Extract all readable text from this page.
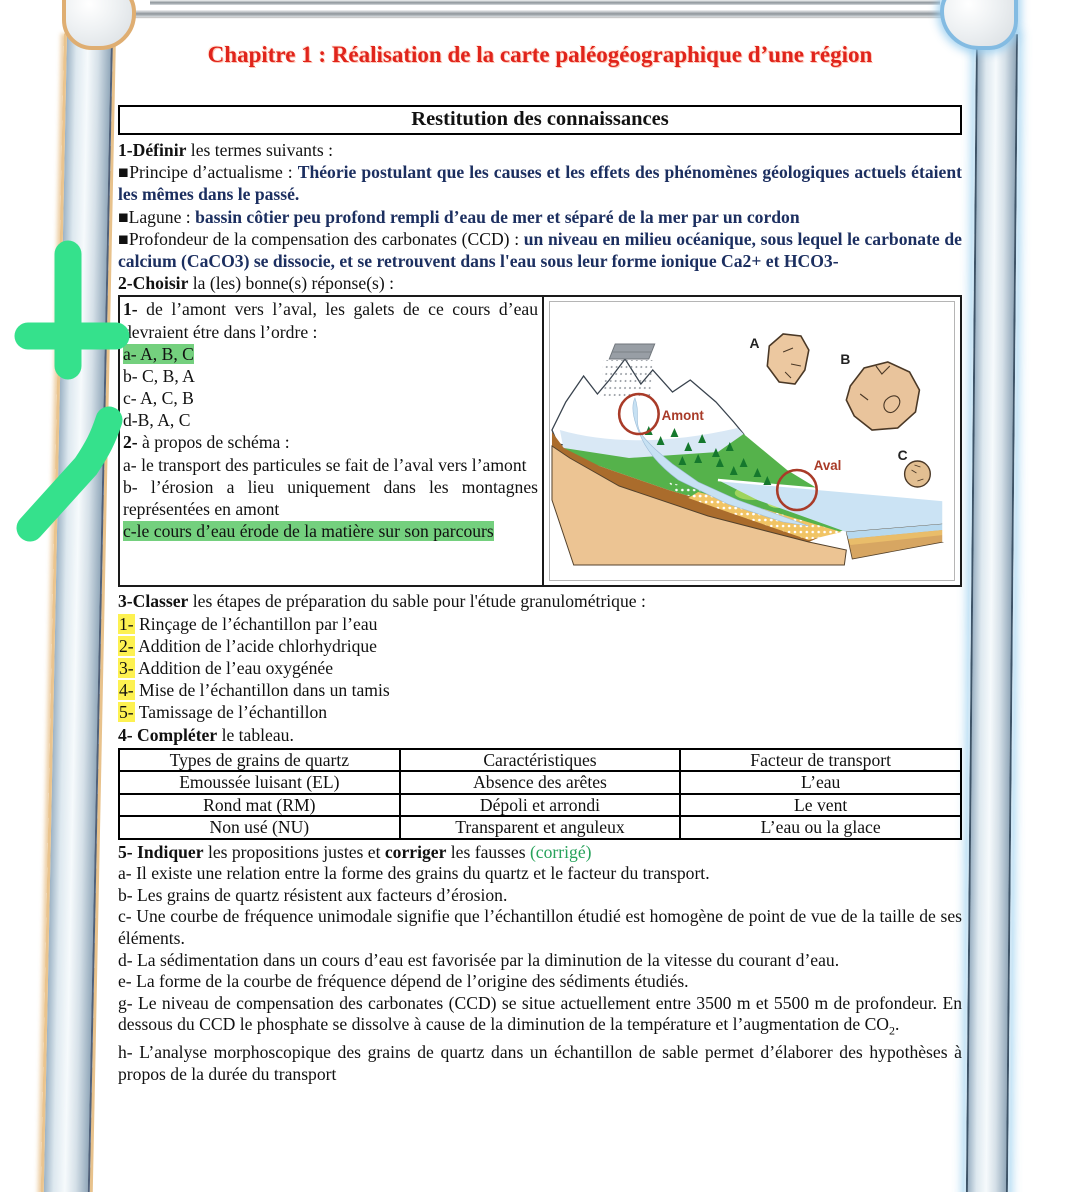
Chapitre 1 : Réalisation de la carte paléogéographique d’une région
Restitution des connaissances
1-Définir les termes suivants :
■Principe d’actualisme : Théorie postulant que les causes et les effets des phénomènes géologiques actuels étaient les mêmes dans le passé.
■Lagune : bassin côtier peu profond rempli d’eau de mer et séparé de la mer par un cordon
■Profondeur de la compensation des carbonates (CCD) : un niveau en milieu océanique, sous lequel le carbonate de calcium (CaCO3) se dissocie, et se retrouvent dans l'eau sous leur forme ionique Ca2+ et HCO3-
2-Choisir la (les) bonne(s) réponse(s) :
1- de l’amont vers l’aval, les galets de ce cours d’eau devraient étre dans l’ordre :
a- A, B, C
b- C, B, A
c- A, C, B
d-B, A, C
2- à propos de schéma :
a- le transport des particules se fait de l’aval vers l’amont
b- l’érosion a lieu uniquement dans les montagnes représentées en amont
c-le cours d’eau érode de la matière sur son parcours
Amont
Aval
A
B
C
3-Classer les étapes de préparation du sable pour l'étude granulométrique :
1- Rinçage de l’échantillon par l’eau
2- Addition de l’acide chlorhydrique
3- Addition de l’eau oxygénée
4- Mise de l’échantillon dans un tamis
5- Tamissage de l’échantillon
4- Compléter le tableau.
Types de grains de quartz	Caractéristiques	Facteur de transport
Emoussée luisant (EL)	Absence des arêtes	L’eau
Rond mat (RM)	Dépoli et arrondi	Le vent
Non usé (NU)	Transparent et anguleux	L’eau ou la glace
5- Indiquer les propositions justes et corriger les fausses (corrigé)
a- Il existe une relation entre la forme des grains du quartz et le facteur du transport.
b- Les grains de quartz résistent aux facteurs d’érosion.
c- Une courbe de fréquence unimodale signifie que l’échantillon étudié est homogène de point de vue de la taille de ses éléments.
d- La sédimentation dans un cours d’eau est favorisée par la diminution de la vitesse du courant d’eau.
e- La forme de la courbe de fréquence dépend de l’origine des sédiments étudiés.
g- Le niveau de compensation des carbonates (CCD) se situe actuellement entre 3500 m et 5500 m de profondeur. En dessous du CCD le phosphate se dissolve à cause de la diminution de la température et l’augmentation de $CO_2$.
h- L’analyse morphoscopique des grains de quartz dans un échantillon de sable permet d’élaborer des hypothèses à propos de la durée du transport
